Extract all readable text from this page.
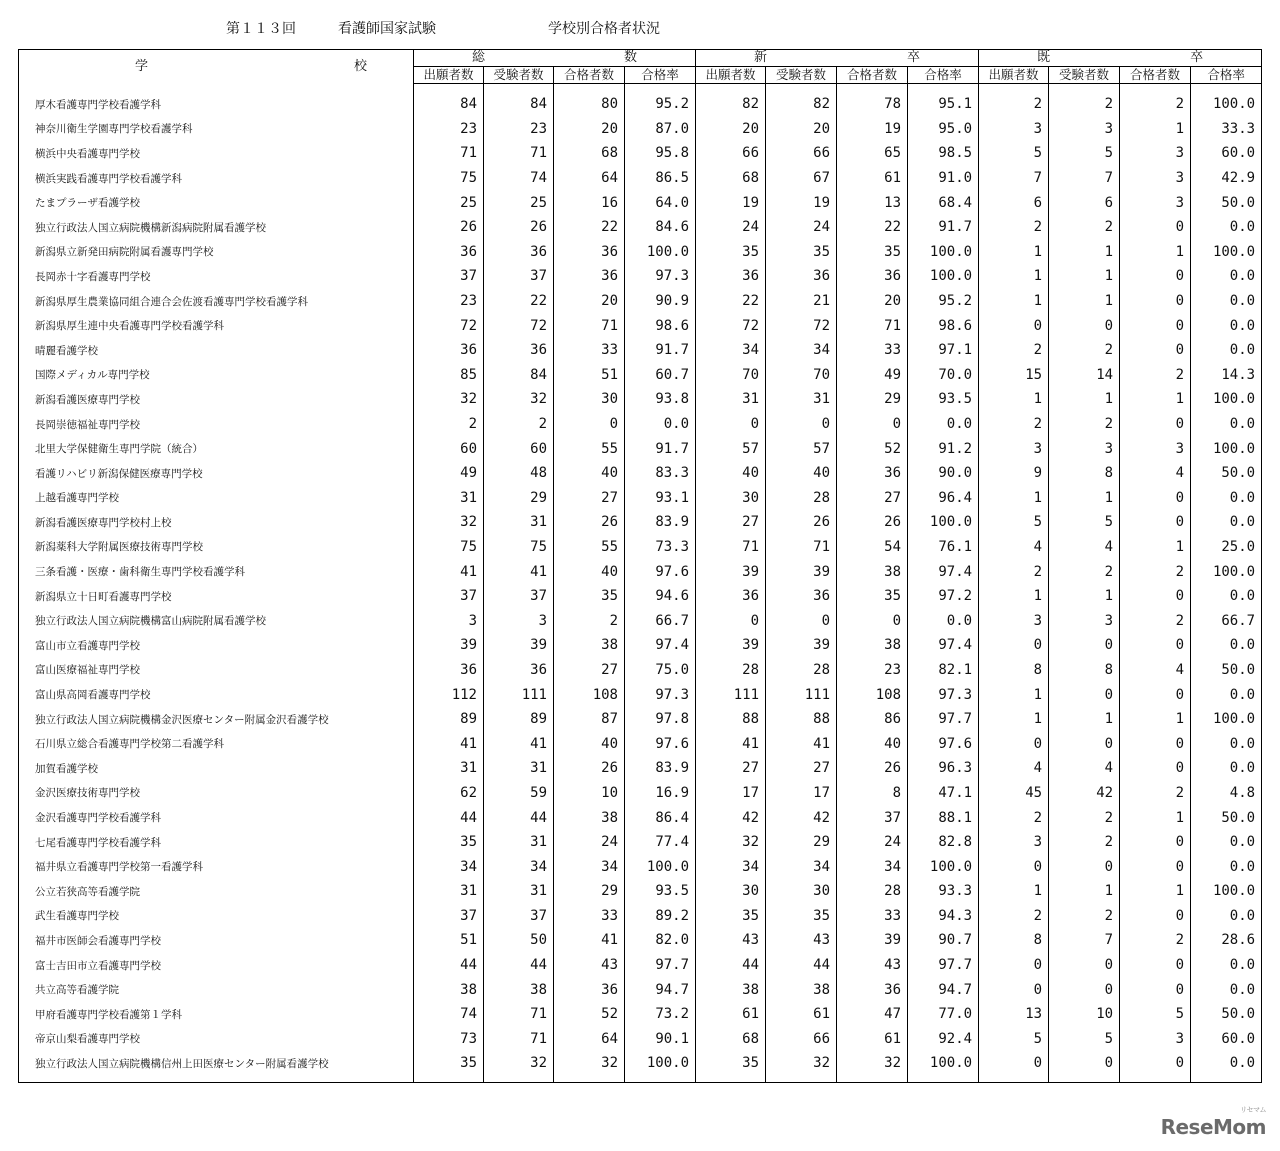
第１１３回	看護師国家試験	学校別合格者状況
学 校	総 数				新 卒				既 卒			

	出願者数	受験者数	合格者数	合格率	出願者数	受験者数	合格者数	合格率	出願者数	受験者数	合格者数	合格率
厚木看護専門学校看護学科	84	84	80	95.2	82	82	78	95.1	2	2	2	100.0
神奈川衛生学園専門学校看護学科	23	23	20	87.0	20	20	19	95.0	3	3	1	33.3
横浜中央看護専門学校	71	71	68	95.8	66	66	65	98.5	5	5	3	60.0
横浜実践看護専門学校看護学科	75	74	64	86.5	68	67	61	91.0	7	7	3	42.9
たまプラーザ看護学校	25	25	16	64.0	19	19	13	68.4	6	6	3	50.0
独立行政法人国立病院機構新潟病院附属看護学校	26	26	22	84.6	24	24	22	91.7	2	2	0	0.0
新潟県立新発田病院附属看護専門学校	36	36	36	100.0	35	35	35	100.0	1	1	1	100.0
長岡赤十字看護専門学校	37	37	36	97.3	36	36	36	100.0	1	1	0	0.0
新潟県厚生農業協同組合連合会佐渡看護専門学校看護学科	23	22	20	90.9	22	21	20	95.2	1	1	0	0.0
新潟県厚生連中央看護専門学校看護学科	72	72	71	98.6	72	72	71	98.6	0	0	0	0.0
晴麗看護学校	36	36	33	91.7	34	34	33	97.1	2	2	0	0.0
国際メディカル専門学校	85	84	51	60.7	70	70	49	70.0	15	14	2	14.3
新潟看護医療専門学校	32	32	30	93.8	31	31	29	93.5	1	1	1	100.0
長岡崇徳福祉専門学校	2	2	0	0.0	0	0	0	0.0	2	2	0	0.0
北里大学保健衛生専門学院（統合）	60	60	55	91.7	57	57	52	91.2	3	3	3	100.0
看護リハビリ新潟保健医療専門学校	49	48	40	83.3	40	40	36	90.0	9	8	4	50.0
上越看護専門学校	31	29	27	93.1	30	28	27	96.4	1	1	0	0.0
新潟看護医療専門学校村上校	32	31	26	83.9	27	26	26	100.0	5	5	0	0.0
新潟薬科大学附属医療技術専門学校	75	75	55	73.3	71	71	54	76.1	4	4	1	25.0
三条看護・医療・歯科衛生専門学校看護学科	41	41	40	97.6	39	39	38	97.4	2	2	2	100.0
新潟県立十日町看護専門学校	37	37	35	94.6	36	36	35	97.2	1	1	0	0.0
独立行政法人国立病院機構富山病院附属看護学校	3	3	2	66.7	0	0	0	0.0	3	3	2	66.7
富山市立看護専門学校	39	39	38	97.4	39	39	38	97.4	0	0	0	0.0
富山医療福祉専門学校	36	36	27	75.0	28	28	23	82.1	8	8	4	50.0
富山県高岡看護専門学校	112	111	108	97.3	111	111	108	97.3	1	0	0	0.0
独立行政法人国立病院機構金沢医療センター附属金沢看護学校	89	89	87	97.8	88	88	86	97.7	1	1	1	100.0
石川県立総合看護専門学校第二看護学科	41	41	40	97.6	41	41	40	97.6	0	0	0	0.0
加賀看護学校	31	31	26	83.9	27	27	26	96.3	4	4	0	0.0
金沢医療技術専門学校	62	59	10	16.9	17	17	8	47.1	45	42	2	4.8
金沢看護専門学校看護学科	44	44	38	86.4	42	42	37	88.1	2	2	1	50.0
七尾看護専門学校看護学科	35	31	24	77.4	32	29	24	82.8	3	2	0	0.0
福井県立看護専門学校第一看護学科	34	34	34	100.0	34	34	34	100.0	0	0	0	0.0
公立若狭高等看護学院	31	31	29	93.5	30	30	28	93.3	1	1	1	100.0
武生看護専門学校	37	37	33	89.2	35	35	33	94.3	2	2	0	0.0
福井市医師会看護専門学校	51	50	41	82.0	43	43	39	90.7	8	7	2	28.6
富士吉田市立看護専門学校	44	44	43	97.7	44	44	43	97.7	0	0	0	0.0
共立高等看護学院	38	38	36	94.7	38	38	36	94.7	0	0	0	0.0
甲府看護専門学校看護第１学科	74	71	52	73.2	61	61	47	77.0	13	10	5	50.0
帝京山梨看護専門学校	73	71	64	90.1	68	66	61	92.4	5	5	3	60.0
独立行政法人国立病院機構信州上田医療センター附属看護学校	35	32	32	100.0	35	32	32	100.0	0	0	0	0.0
リセマム
ReseMom
